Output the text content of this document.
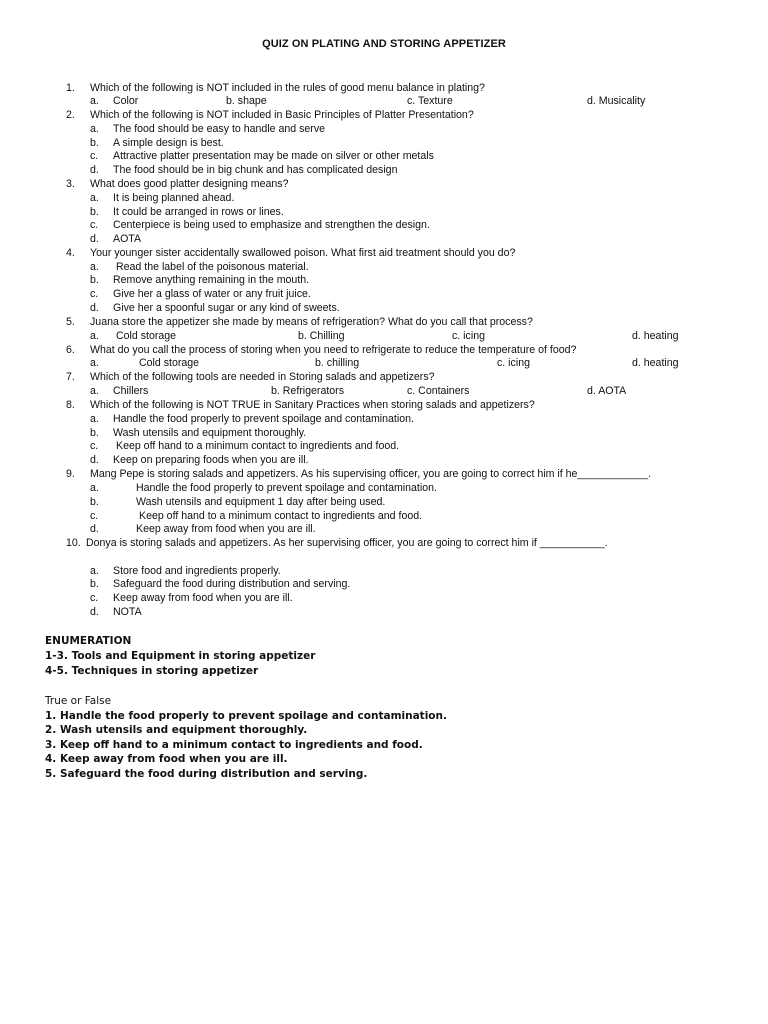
QUIZ ON PLATING AND STORING APPETIZER
1. Which of the following is NOT included in the rules of good menu balance in plating?
a. Color	b. shape	c. Texture	d. Musicality
2. Which of the following is NOT included in Basic Principles of Platter Presentation?
a. The food should be easy to handle and serve
b. A simple design is best.
c. Attractive platter presentation may be made on silver or other metals
d. The food should be in big chunk and has complicated design
3. What does good platter designing means?
a. It is being planned ahead.
b. It could be arranged in rows or lines.
c. Centerpiece is being used to emphasize and strengthen the design.
d. AOTA
4. Your younger sister accidentally swallowed poison. What first aid treatment should you do?
a. Read the label of the poisonous material.
b. Remove anything remaining in the mouth.
c. Give her a glass of water or any fruit juice.
d. Give her a spoonful sugar or any kind of sweets.
5. Juana store the appetizer she made by means of refrigeration? What do you call that process?
a. Cold storage	b. Chilling	c. icing	d. heating
6. What do you call the process of storing when you need to refrigerate to reduce the temperature of food?
a.	Cold storage	b. chilling	c. icing	d. heating
7. Which of the following tools are needed in Storing salads and appetizers?
a. Chillers	b. Refrigerators	c. Containers	d. AOTA
8. Which of the following is NOT TRUE in Sanitary Practices when storing salads and appetizers?
a. Handle the food properly to prevent spoilage and contamination.
b. Wash utensils and equipment thoroughly.
c. Keep off hand to a minimum contact to ingredients and food.
d. Keep on preparing foods when you are ill.
9. Mang Pepe is storing salads and appetizers. As his supervising officer, you are going to correct him if he____________.
a.	Handle the food properly to prevent spoilage and contamination.
b.	Wash utensils and equipment 1 day after being used.
c.	Keep off hand to a minimum contact to ingredients and food.
d.	Keep away from food when you are ill.
10. Donya is storing salads and appetizers. As her supervising officer, you are going to correct him if ___________.
a. Store food and ingredients properly.
b. Safeguard the food during distribution and serving.
c. Keep away from food when you are ill.
d. NOTA
ENUMERATION
1-3. Tools and Equipment in storing appetizer
4-5. Techniques in storing appetizer
True or False
1. Handle the food properly to prevent spoilage and contamination.
2. Wash utensils and equipment thoroughly.
3. Keep off hand to a minimum contact to ingredients and food.
4. Keep away from food when you are ill.
5. Safeguard the food during distribution and serving.
